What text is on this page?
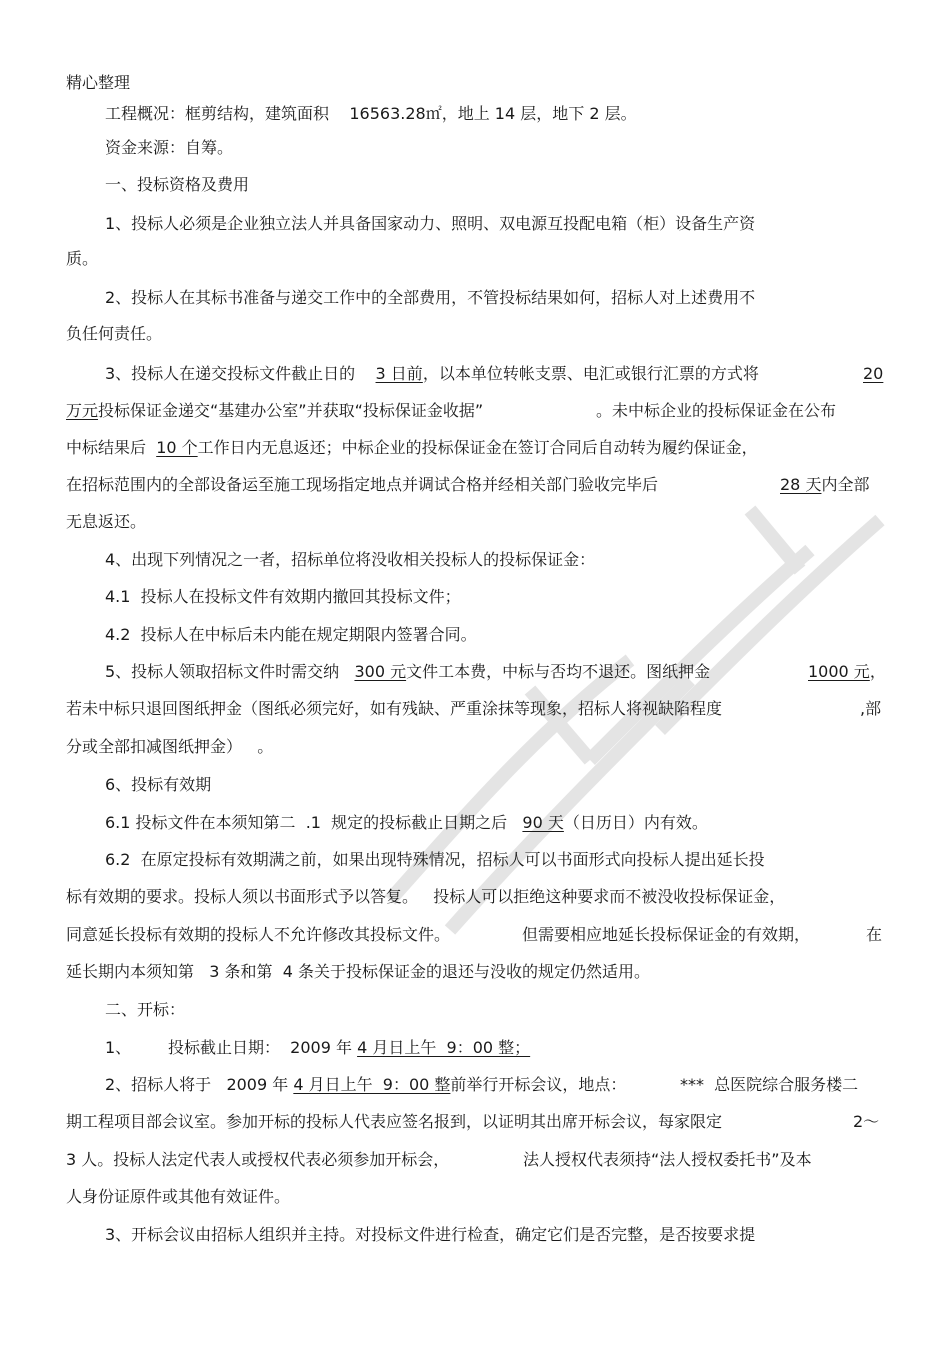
精心整理
工程概况：框剪结构，建筑面积 16563.28㎡，地上 14 层，地下 2 层。
资金来源：自筹。
一、投标资格及费用
1、投标人必须是企业独立法人并具备国家动力、照明、双电源互投配电箱（柜）设备生产资
质。
2、投标人在其标书准备与递交工作中的全部费用，不管投标结果如何，招标人对上述费用不
负任何责任。
3、投标人在递交投标文件截止日的 3 日前，以本单位转帐支票、电汇或银行汇票的方式将	20
万元投标保证金递交“基建办公室”并获取“投标保证金收据”	。未中标企业的投标保证金在公布
中标结果后 10 个工作日内无息返还；中标企业的投标保证金在签订合同后自动转为履约保证金，
在招标范围内的全部设备运至施工现场指定地点并调试合格并经相关部门验收完毕后	28 天内全部
无息返还。
4、出现下列情况之一者，招标单位将没收相关投标人的投标保证金：
4.1  投标人在投标文件有效期内撤回其投标文件；
4.2  投标人在中标后未内能在规定期限内签署合同。
5、投标人领取招标文件时需交纳 300 元文件工本费，中标与否均不退还。图纸押金	1000 元，
若未中标只退回图纸押金（图纸必须完好，如有残缺、严重涂抹等现象，招标人将视缺陷程度	,部
分或全部扣减图纸押金）   。
6、投标有效期
6.1 投标文件在本须知第二  .1  规定的投标截止日期之后 90 天（日历日）内有效。
6.2  在原定投标有效期满之前，如果出现特殊情况，招标人可以书面形式向投标人提出延长投
标有效期的要求。投标人须以书面形式予以答复。   投标人可以拒绝这种要求而不被没收投标保证金，
同意延长投标有效期的投标人不允许修改其投标文件。	但需要相应地延长投标保证金的有效期，	在
延长期内本须知第   3 条和第  4 条关于投标保证金的退还与没收的规定仍然适用。
二、开标：
1、 投标截止日期：  2009 年 4 月日上午  9：00 整；
2、招标人将于   2009 年 4 月日上午  9：00 整前举行开标会议，地点：	***  总医院综合服务楼二
期工程项目部会议室。参加开标的投标人代表应签名报到，以证明其出席开标会议，每家限定	2～
3 人。投标人法定代表人或授权代表必须参加开标会，	法人授权代表须持“法人授权委托书”及本
人身份证原件或其他有效证件。
3、开标会议由招标人组织并主持。对投标文件进行检查，确定它们是否完整，是否按要求提
